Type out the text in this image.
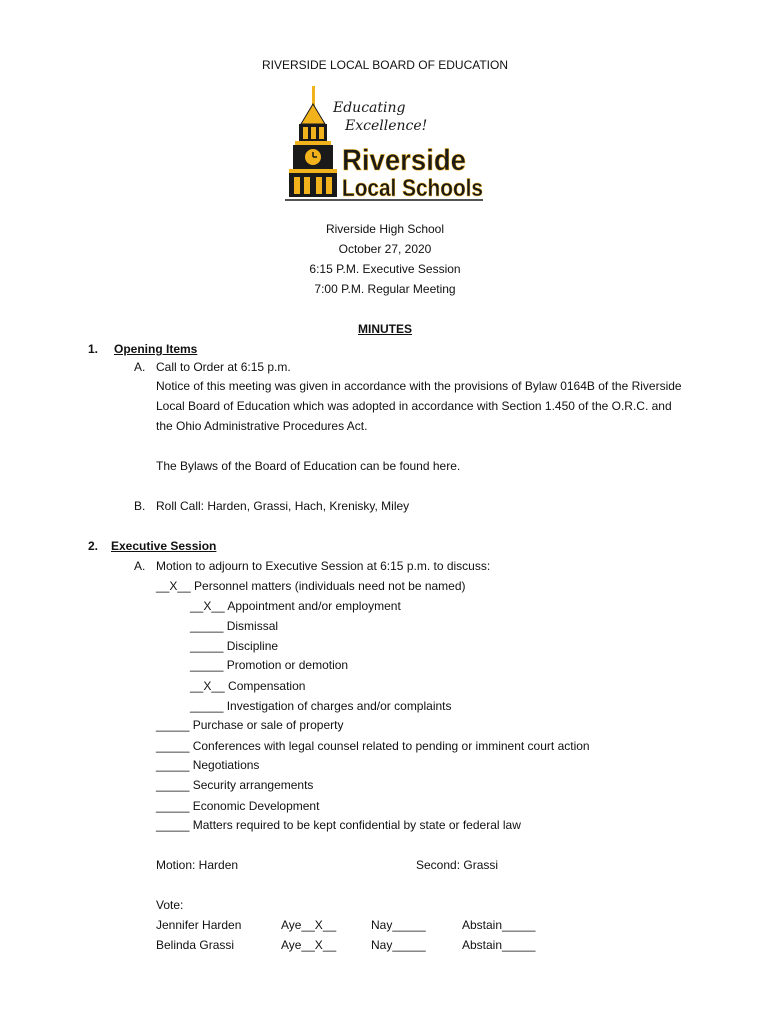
RIVERSIDE LOCAL BOARD OF EDUCATION
Educating
Excellence!
Riverside
Local Schools
Riverside High School
October 27, 2020
6:15 P.M. Executive Session
7:00 P.M. Regular Meeting
MINUTES
1. Opening Items
A. Call to Order at 6:15 p.m.
Notice of this meeting was given in accordance with the provisions of Bylaw 0164B of the Riverside
Local Board of Education which was adopted in accordance with Section 1.450 of the O.R.C. and
the Ohio Administrative Procedures Act.
The Bylaws of the Board of Education can be found here.
B. Roll Call: Harden, Grassi, Hach, Krenisky, Miley
2. Executive Session
A. Motion to adjourn to Executive Session at 6:15 p.m. to discuss:
__X__ Personnel matters (individuals need not be named)
__X__ Appointment and/or employment
_____ Dismissal
_____ Discipline
_____ Promotion or demotion
__X__ Compensation
_____ Investigation of charges and/or complaints
_____ Purchase or sale of property
_____ Conferences with legal counsel related to pending or imminent court action
_____ Negotiations
_____ Security arrangements
_____ Economic Development
_____ Matters required to be kept confidential by state or federal law
Motion: Harden	Second: Grassi
Vote:
Jennifer Harden	Aye__X__	Nay_____	Abstain_____
Belinda Grassi	Aye__X__	Nay_____	Abstain_____
